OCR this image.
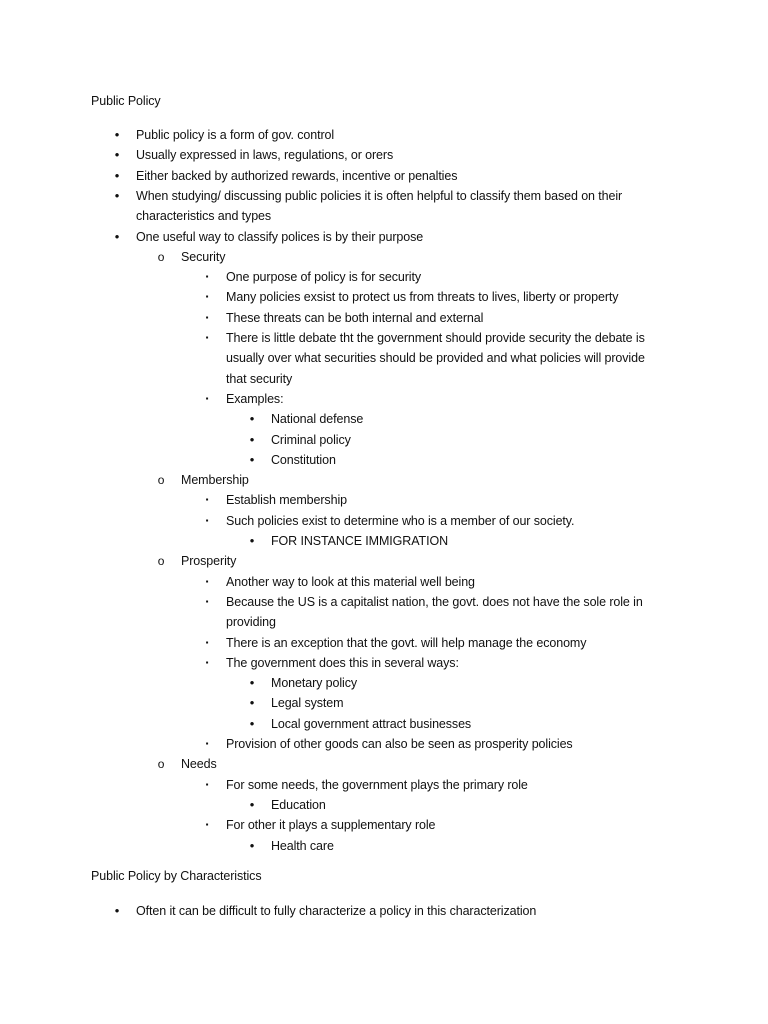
Public Policy
•	Public policy is a form of gov. control
•	Usually expressed in laws, regulations, or orers
•	Either backed by authorized rewards, incentive or penalties
•	When studying/ discussing public policies it is often helpful to classify them based on their
characteristics and types
•	One useful way to classify polices is by their purpose
o Security
▪	One purpose of policy is for security
▪	Many policies exsist to protect us from threats to lives, liberty or property
▪	These threats can be both internal and external
▪	There is little debate tht the government should provide security the debate is
usually over what securities should be provided and what policies will provide
that security
▪	Examples:
•	National defense
•	Criminal policy
•	Constitution
o Membership
▪	Establish membership
▪	Such policies exist to determine who is a member of our society.
•	FOR INSTANCE IMMIGRATION
o Prosperity
▪	Another way to look at this material well being
▪	Because the US is a capitalist nation, the govt. does not have the sole role in
providing
▪	There is an exception that the govt. will help manage the economy
▪	The government does this in several ways:
•	Monetary policy
•	Legal system
•	Local government attract businesses
▪	Provision of other goods can also be seen as prosperity policies
o Needs
▪	For some needs, the government plays the primary role
•	Education
▪	For other it plays a supplementary role
•	Health care
Public Policy by Characteristics
•	Often it can be difficult to fully characterize a policy in this characterization
